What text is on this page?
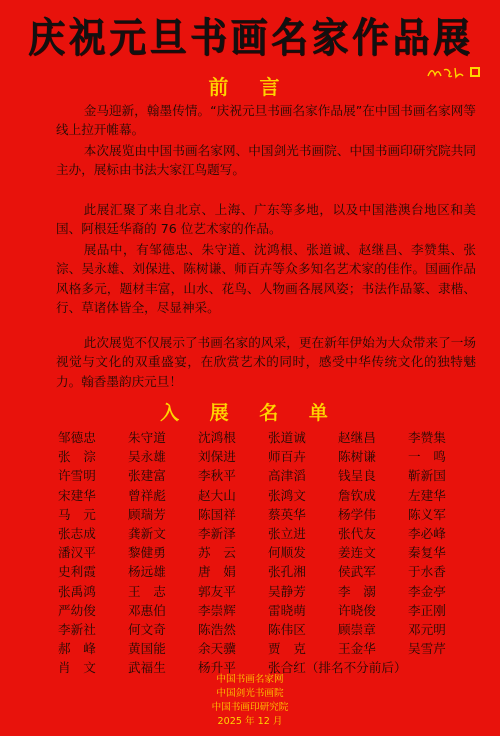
庆祝元旦书画名家作品展
前 言

金马迎新，翰墨传情。“庆祝元旦书画名家作品展”在中国书画名家网等线上拉开帷幕。

本次展览由中国书画名家网、中国剑光书画院、中国书画印研究院共同主办，展标由书法大家江鸟题写。

此展汇聚了来自北京、上海、广东等多地，以及中国港澳台地区和美国、阿根廷华裔的 76 位艺术家的作品。

展品中，有邹德忠、朱守道、沈鸿根、张道诚、赵继昌、李赞集、张淙、吴永雄、刘保进、陈树谦、师百卉等众多知名艺术家的佳作。国画作品风格多元，题材丰富，山水、花鸟、人物画各展风姿；书法作品篆、隶楷、行、草诸体皆全，尽显神采。

此次展览不仅展示了书画名家的风采，更在新年伊始为大众带来了一场视觉与文化的双重盛宴，在欣赏艺术的同时，感受中华传统文化的独特魅力。翰香墨韵庆元旦！

入 展 名 单
邹德忠	朱守道	沈鸿根	张道诚	赵继昌	李赞集
张　淙	吴永雄	刘保进	师百卉	陈树谦	一　鸣
许雪明	张建富	李秋平	高津滔	钱呈良	靳新国
宋建华	曾祥彪	赵大山	张鸿文	詹钦成	左建华
马　元	顾瑞芳	陈国祥	蔡英华	杨学伟	陈义军
张志成	龚新文	李新泽	张立进	张代友	李必峰
潘汉平	黎健勇	苏　云	何顺发	姜连文	秦复华
史利霞	杨远雄	唐　娟	张孔湘	侯武军	于水香
张禹鸿	王　志	郭友平	吴静芳	李　溺	李金亭
严幼俊	邓惠伯	李崇辉	雷晓萌	许晓俊	李正刚
李新社	何文奇	陈浩然	陈伟区	顾崇章	邓元明
郝　峰	黄国能	余天骥	贾　克	王金华	吴雪芹
肖　文	武福生	杨升平	张合红（排名不分前后）
中国书画名家网
中国剑光书画院
中国书画印研究院
2025 年 12 月
